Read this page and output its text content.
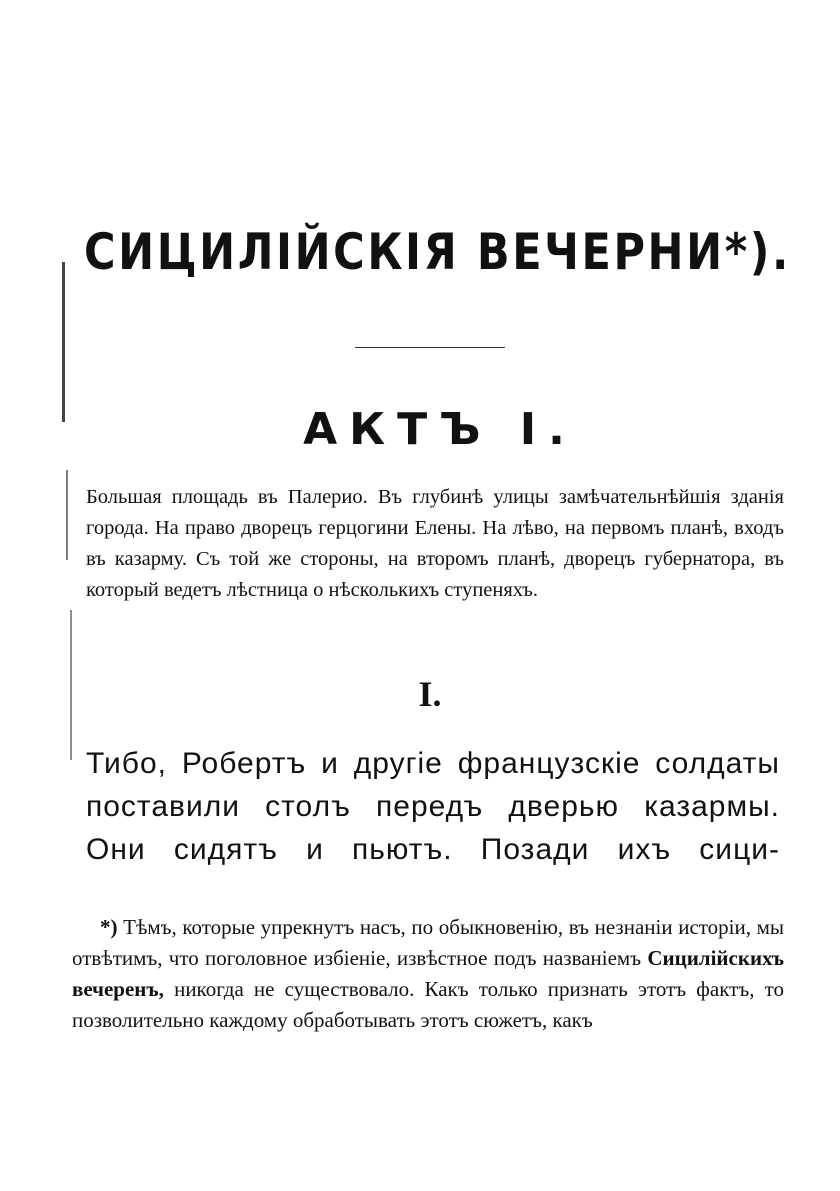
СИЦИЛІЙСКІЯ ВЕЧЕРНИ*).
АКТЪ I.

Большая площадь въ Палерио. Въ глубинѣ улицы замѣчательнѣйшія зданія города. На право дворецъ герцогини Елены. На лѣво, на первомъ планѣ, входъ въ казарму. Съ той же стороны, на второмъ планѣ, дворецъ губернатора, въ который ведетъ лѣстница о нѣсколькихъ ступеняхъ.

I.

Тибо, Робертъ и другіе французскіе солдаты поставили столъ передъ дверью казармы. Они сидятъ и пьютъ. Позади ихъ сици-

*) Тѣмъ, которые упрекнутъ насъ, по обыкновенію, въ незнаніи исторіи, мы отвѣтимъ, что поголовное избіеніе, извѣстное подъ названіемъ Сицилійскихъ вечеренъ, никогда не существовало. Какъ только признать этотъ фактъ, то позволительно каждому обработывать этотъ сюжетъ, какъ
